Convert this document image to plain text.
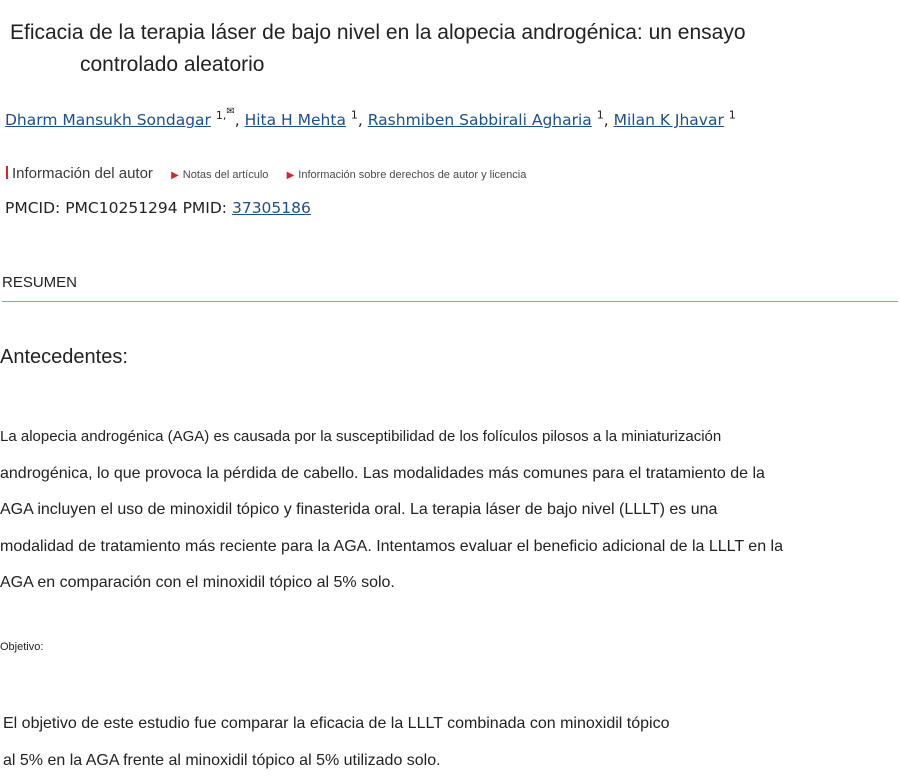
Eficacia de la terapia láser de bajo nivel en la alopecia androgénica: un ensayo
controlado aleatorio
Dharm Mansukh Sondagar $^{1,✉}$, Hita H Mehta $^1$, Rashmiben Sabbirali Agharia $^1$, Milan K Jhavar $^1$
Información del autor ▶ Notas del artículo ▶ Información sobre derechos de autor y licencia
PMCID: PMC10251294 PMID: 37305186
RESUMEN
Antecedentes:
La alopecia androgénica (AGA) es causada por la susceptibilidad de los folículos pilosos a la miniaturización
androgénica, lo que provoca la pérdida de cabello. Las modalidades más comunes para el tratamiento de la
AGA incluyen el uso de minoxidil tópico y finasterida oral. La terapia láser de bajo nivel (LLLT) es una
modalidad de tratamiento más reciente para la AGA. Intentamos evaluar el beneficio adicional de la LLLT en la
AGA en comparación con el minoxidil tópico al 5% solo.
Objetivo:
El objetivo de este estudio fue comparar la eficacia de la LLLT combinada con minoxidil tópico
al 5% en la AGA frente al minoxidil tópico al 5% utilizado solo.
